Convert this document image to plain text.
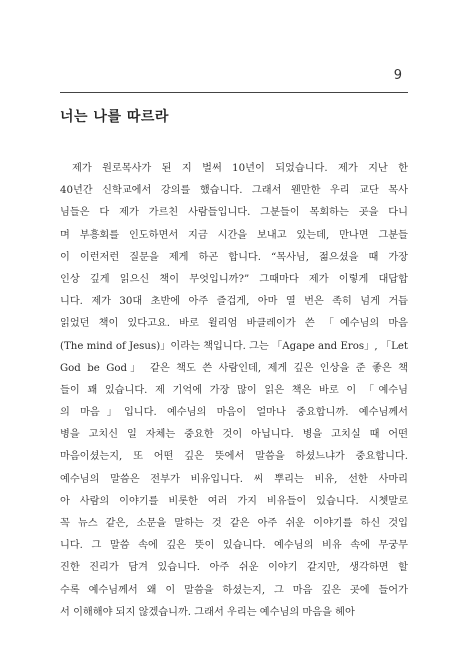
9
너는 나를 따르라
제가 원로목사가 된 지 벌써 10년이 되었습니다. 제가 지난 한
40년간 신학교에서 강의를 했습니다. 그래서 웬만한 우리 교단 목사
님들은 다 제가 가르친 사람들입니다. 그분들이 목회하는 곳을 다니
며 부흥회를 인도하면서 지금 시간을 보내고 있는데, 만나면 그분들
이 이런저런 질문을 제게 하곤 합니다. “목사님, 젊으셨을 때 가장
인상 깊게 읽으신 책이 무엇입니까?” 그때마다 제가 이렇게 대답합
니다. 제가 30대 초반에 아주 즐겁게, 아마 열 번은 족히 넘게 거듭
읽었던 책이 있다고요. 바로 윌리엄 바클레이가 쓴 「예수님의 마음
(The mind of Jesus)」이라는 책입니다. 그는 「Agape and Eros」, 「Let
God be God」 같은 책도 쓴 사람인데, 제게 깊은 인상을 준 좋은 책
들이 꽤 있습니다. 제 기억에 가장 많이 읽은 책은 바로 이 「예수님
의 마음」입니다. 예수님의 마음이 얼마나 중요합니까. 예수님께서
병을 고치신 일 자체는 중요한 것이 아닙니다. 병을 고치실 때 어떤
마음이셨는지, 또 어떤 깊은 뜻에서 말씀을 하셨느냐가 중요합니다.
예수님의 말씀은 전부가 비유입니다. 씨 뿌리는 비유, 선한 사마리
아 사람의 이야기를 비롯한 여러 가지 비유들이 있습니다. 시쳇말로
꼭 뉴스 같은, 소문을 말하는 것 같은 아주 쉬운 이야기를 하신 것입
니다. 그 말씀 속에 깊은 뜻이 있습니다. 예수님의 비유 속에 무궁무
진한 진리가 담겨 있습니다. 아주 쉬운 이야기 같지만, 생각하면 할
수록 예수님께서 왜 이 말씀을 하셨는지, 그 마음 깊은 곳에 들어가
서 이해해야 되지 않겠습니까. 그래서 우리는 예수님의 마음을 헤아
